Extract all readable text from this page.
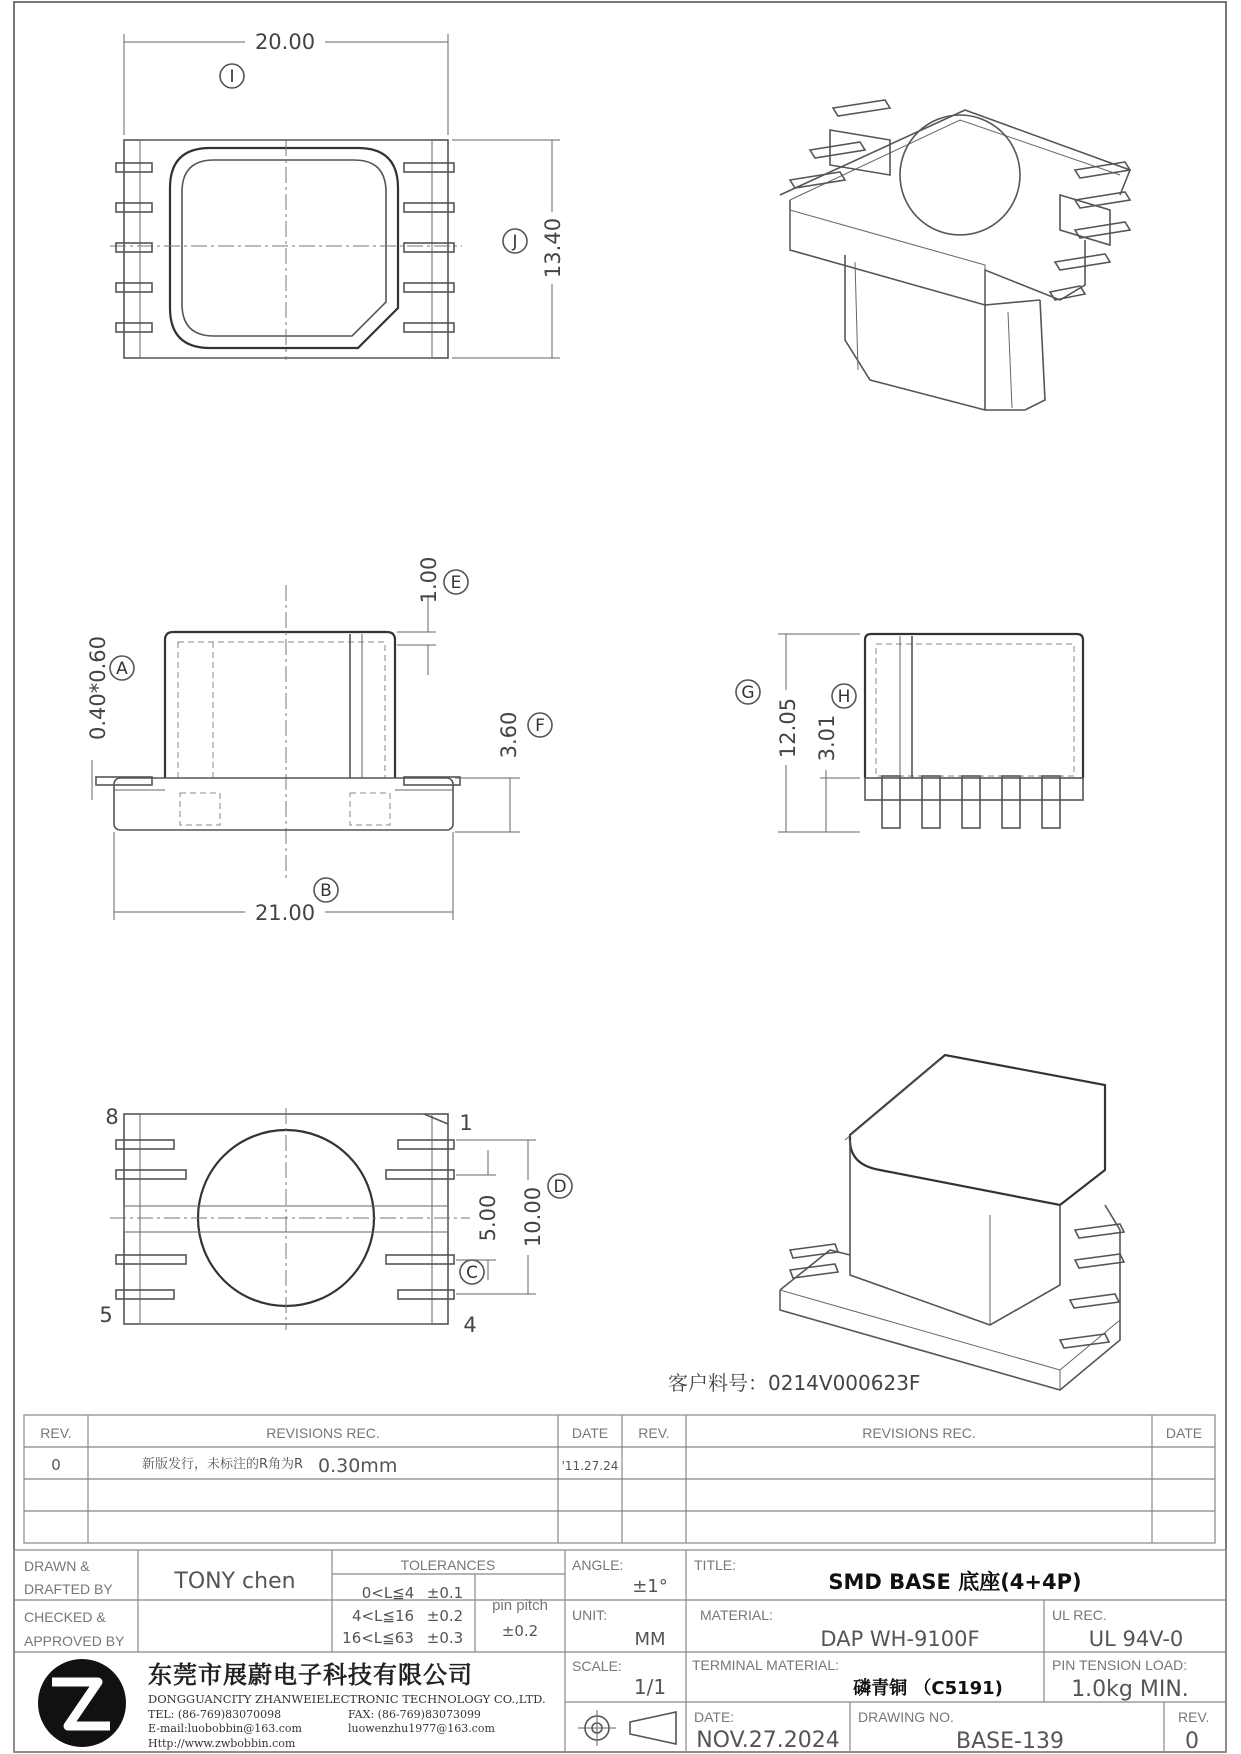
20.00
I
13.40
J
21.00
B
0.40*0.60 A
1.00 E
3.60 F	12.05
G
3.01
H
8	1
5	4
10.00 D
5.00
C
客户料号：0214V000623F
REV.	REVISIONS REC.	DATE REV.	REVISIONS REC.	DATE
0	新版发行，未标注的R角为R 0.30mm	'11.27.24
DRAWN &
DRAFTED BY	TONY chen
CHECKED &
APPROVED BY
TOLERANCES
0<L≦4 ±0.1
4<L≦16 ±0.2
16<L≦63 ±0.3
pin pitch
±0.2
ANGLE:
±1°
UNIT:
MM
SCALE:
1/1
TITLE:
SMD BASE 底座(4+4P)
MATERIAL:
DAP WH-9100F
UL REC.
UL 94V-0
TERMINAL MATERIAL:
磷青铜 （C5191)
PIN TENSION LOAD:
1.0kg MIN.
DATE:
NOV.27.2024
DRAWING NO.
BASE-139
REV.
0
ZW
东莞市展蔚电子科技有限公司
DONGGUANCITY ZHANWEIELECTRONIC TECHNOLOGY CO.,LTD.
TEL: (86-769)83070098	FAX: (86-769)83073099
E-mail:luobobbin@163.com	luowenzhu1977@163.com
Http://www.zwbobbin.com
